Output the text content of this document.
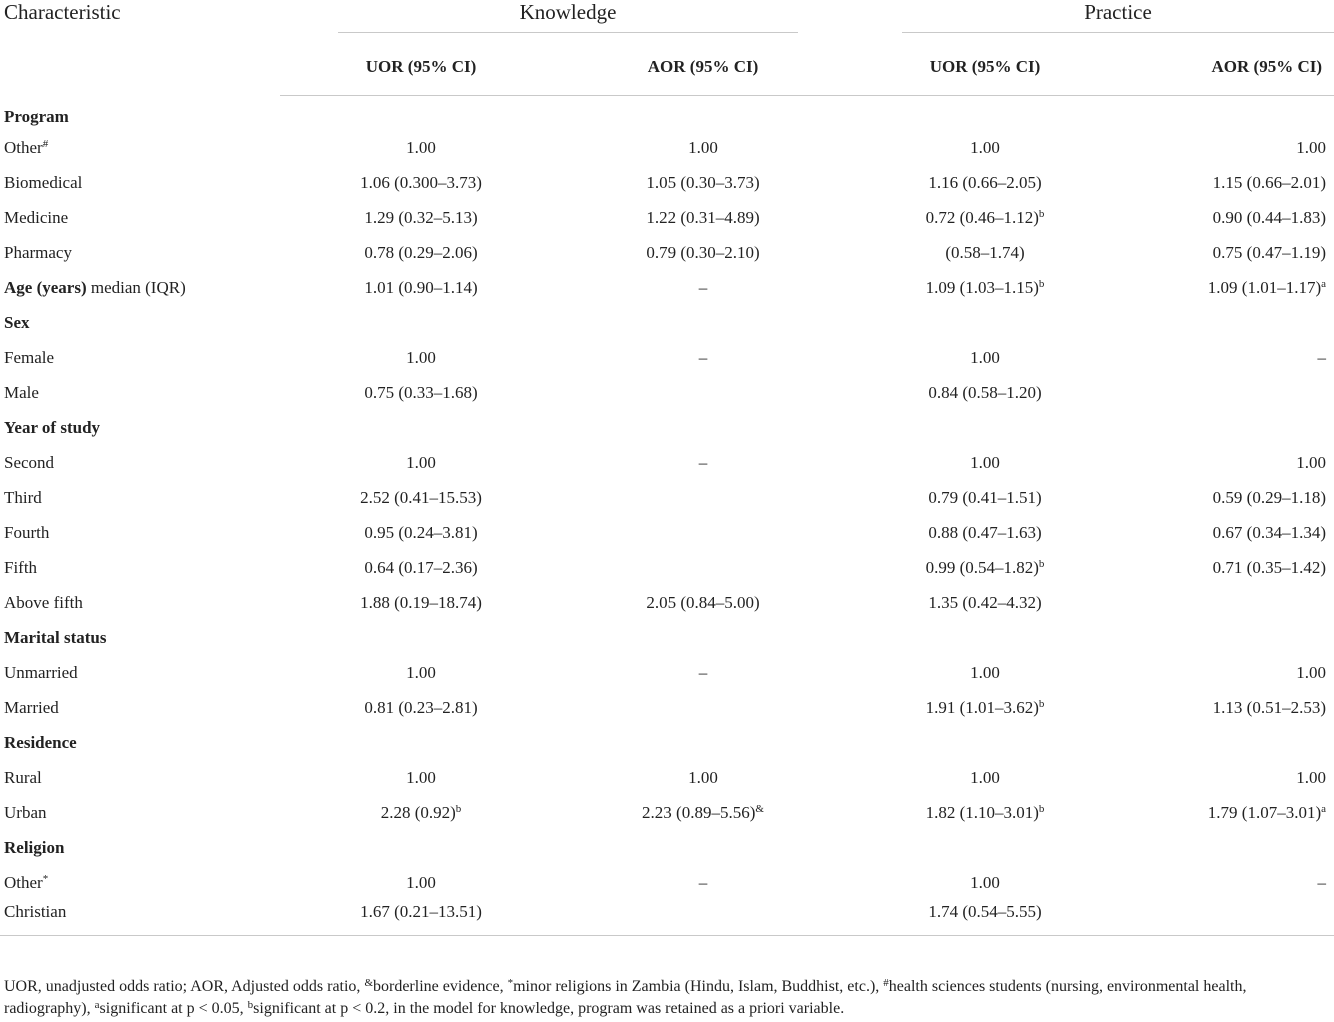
Characteristic	Knowledge		Practice	

	UOR (95% CI)	AOR (95% CI)	UOR (95% CI)	AOR (95% CI)
Program				
Other#	1.00	1.00	1.00	1.00
Biomedical	1.06 (0.300–3.73)	1.05 (0.30–3.73)	1.16 (0.66–2.05)	1.15 (0.66–2.01)
Medicine	1.29 (0.32–5.13)	1.22 (0.31–4.89)	0.72 $(0.46-1.12)^b$	0.90 (0.44–1.83)
Pharmacy	0.78 (0.29–2.06)	0.79 (0.30–2.10)	(0.58–1.74)	0.75 (0.47–1.19)
Age (years) median (IQR)	1.01 (0.90–1.14)	–	1.09 $(1.03-1.15)^b$	1.09 $(1.01-1.17)^a$
Sex				
Female	1.00	–	1.00	–
Male	0.75 (0.33–1.68)		0.84 (0.58–1.20)	
Year of study				
Second	1.00	–	1.00	1.00
Third	2.52 (0.41–15.53)		0.79 (0.41–1.51)	0.59 (0.29–1.18)
Fourth	0.95 (0.24–3.81)		0.88 (0.47–1.63)	0.67 (0.34–1.34)
Fifth	0.64 (0.17–2.36)		0.99 $(0.54-1.82)^b$	0.71 (0.35–1.42)
Above fifth	1.88 (0.19–18.74)	2.05 (0.84–5.00)	1.35 (0.42–4.32)	
Marital status				
Unmarried	1.00	–	1.00	1.00
Married	0.81 (0.23–2.81)		1.91 $(1.01-3.62)^b$	1.13 (0.51–2.53)
Residence				
Rural	1.00	1.00	1.00	1.00
Urban	2.28 $(0.92)^b$	2.23 (0.89–5.56)&	1.82 $(1.10-3.01)^b$	1.79 $(1.07-3.01)^a$
Religion				
Other*	1.00	–	1.00	–
Christian	1.67 (0.21–13.51)		1.74 (0.54–5.55)	
UOR, unadjusted odds ratio; AOR, Adjusted odds ratio, &borderline evidence, *minor religions in Zambia (Hindu, Islam, Buddhist, etc.), #health sciences students (nursing, environmental health, radiography), $^a$significant at p < 0.05, $^b$significant at p < 0.2, in the model for knowledge, program was retained as a priori variable.
